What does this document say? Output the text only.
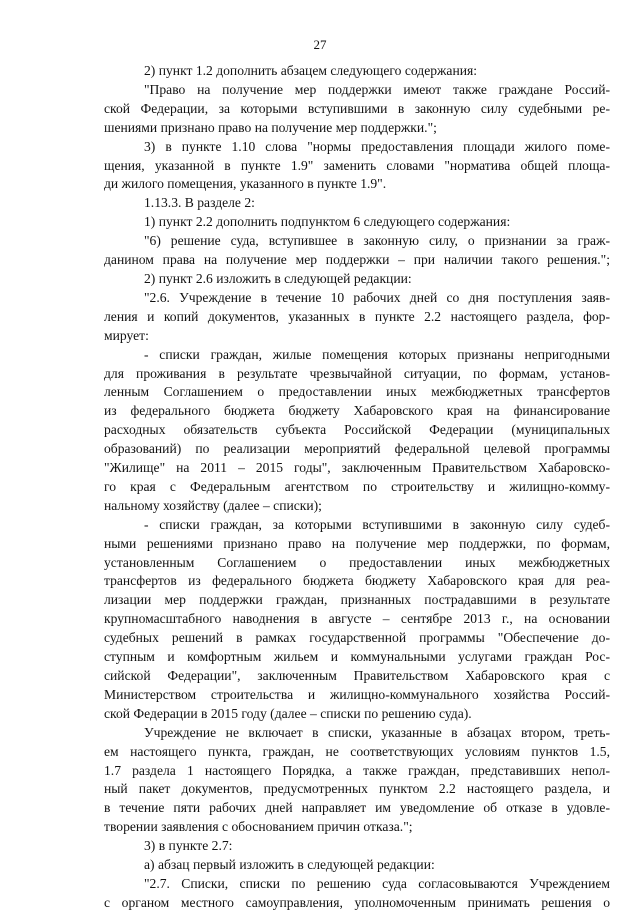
27
2) пункт 1.2 дополнить абзацем следующего содержания:
"Право на получение мер поддержки имеют также граждане Россий-
ской Федерации, за которыми вступившими в законную силу судебными ре-
шениями признано право на получение мер поддержки.";
3) в пункте 1.10 слова "нормы предоставления площади жилого поме-
щения, указанной в пункте 1.9" заменить словами "норматива общей площа-
ди жилого помещения, указанного в пункте 1.9".
1.13.3. В разделе 2:
1) пункт 2.2 дополнить подпунктом 6 следующего содержания:
"6) решение суда, вступившее в законную силу, о признании за граж-
данином права на получение мер поддержки – при наличии такого решения.";
2) пункт 2.6 изложить в следующей редакции:
"2.6. Учреждение в течение 10 рабочих дней со дня поступления заяв-
ления и копий документов, указанных в пункте 2.2 настоящего раздела, фор-
мирует:
- списки граждан, жилые помещения которых признаны непригодными
для проживания в результате чрезвычайной ситуации, по формам, установ-
ленным Соглашением о предоставлении иных межбюджетных трансфертов
из федерального бюджета бюджету Хабаровского края на финансирование
расходных обязательств субъекта Российской Федерации (муниципальных
образований) по реализации мероприятий федеральной целевой программы
"Жилище" на 2011 – 2015 годы", заключенным Правительством Хабаровско-
го края с Федеральным агентством по строительству и жилищно-комму-
нальному хозяйству (далее – списки);
- списки граждан, за которыми вступившими в законную силу судеб-
ными решениями признано право на получение мер поддержки, по формам,
установленным Соглашением о предоставлении иных межбюджетных
трансфертов из федерального бюджета бюджету Хабаровского края для реа-
лизации мер поддержки граждан, признанных пострадавшими в результате
крупномасштабного наводнения в августе – сентябре 2013 г., на основании
судебных решений в рамках государственной программы "Обеспечение до-
ступным и комфортным жильем и коммунальными услугами граждан Рос-
сийской Федерации", заключенным Правительством Хабаровского края с
Министерством строительства и жилищно-коммунального хозяйства Россий-
ской Федерации в 2015 году (далее – списки по решению суда).
Учреждение не включает в списки, указанные в абзацах втором, треть-
ем настоящего пункта, граждан, не соответствующих условиям пунктов 1.5,
1.7 раздела 1 настоящего Порядка, а также граждан, представивших непол-
ный пакет документов, предусмотренных пунктом 2.2 настоящего раздела, и
в течение пяти рабочих дней направляет им уведомление об отказе в удовле-
творении заявления с обоснованием причин отказа.";
3) в пункте 2.7:
а) абзац первый изложить в следующей редакции:
"2.7. Списки, списки по решению суда согласовываются Учреждением
с органом местного самоуправления, уполномоченным принимать решения о
